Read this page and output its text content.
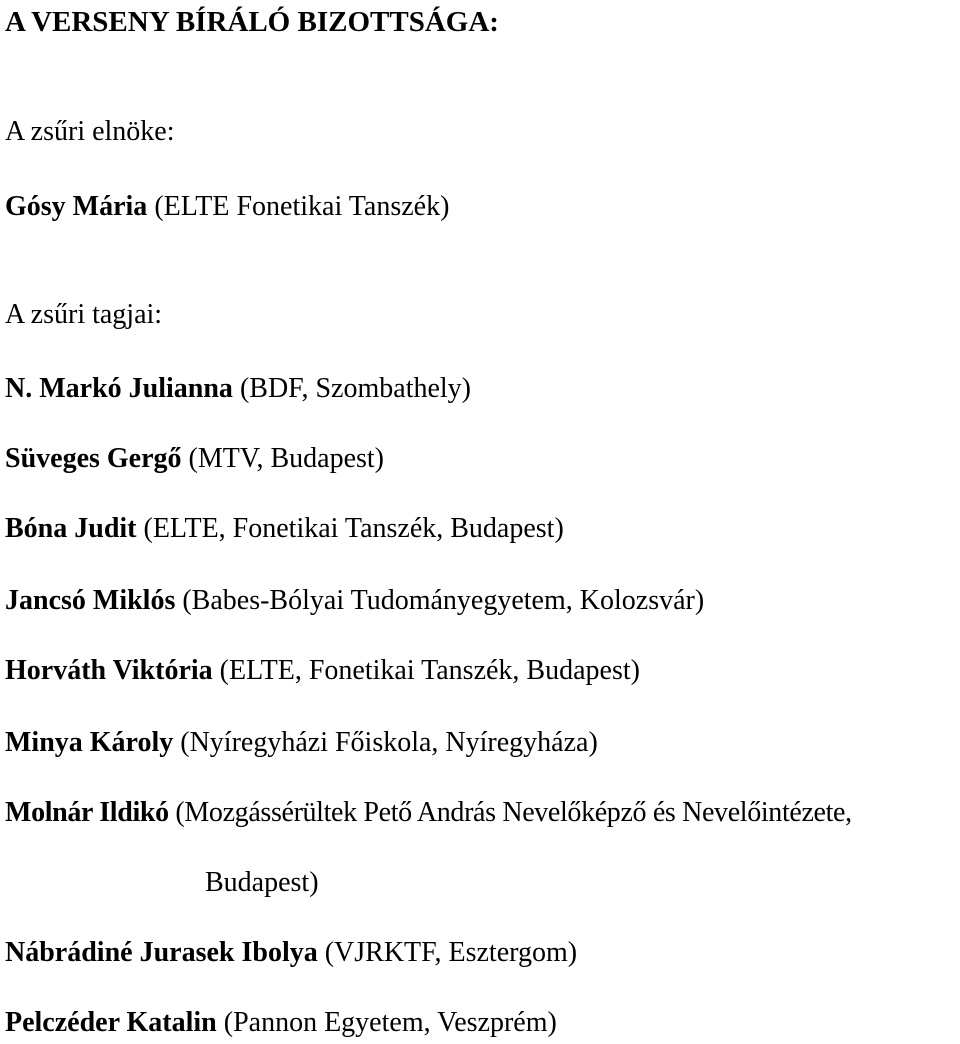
A VERSENY BÍRÁLÓ BIZOTTSÁGA:
A zsűri elnöke:
Gósy Mária (ELTE Fonetikai Tanszék)
A zsűri tagjai:
N. Markó Julianna (BDF, Szombathely)
Süveges Gergő (MTV, Budapest)
Bóna Judit (ELTE, Fonetikai Tanszék, Budapest)
Jancsó Miklós (Babes-Bólyai Tudományegyetem, Kolozsvár)
Horváth Viktória (ELTE, Fonetikai Tanszék, Budapest)
Minya Károly (Nyíregyházi Főiskola, Nyíregyháza)
Molnár Ildikó (Mozgássérültek Pető András Nevelőképző és Nevelőintézete,
Budapest)
Nábrádiné Jurasek Ibolya (VJRKTF, Esztergom)
Pelczéder Katalin (Pannon Egyetem, Veszprém)
